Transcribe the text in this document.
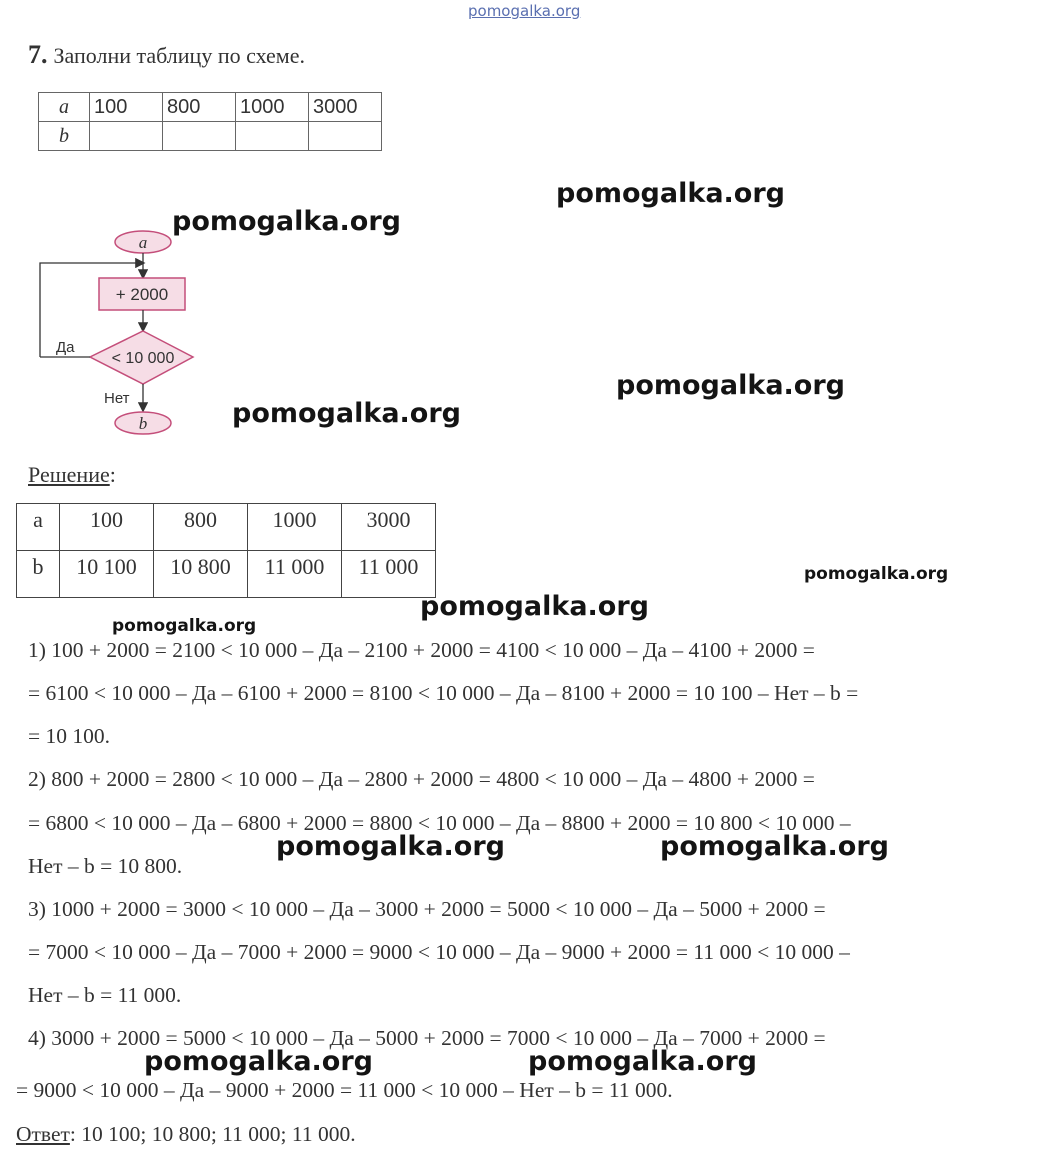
pomogalka.org
7. Заполни таблицу по схеме.
a	100	800	1000	3000
b				
a
+ 2000
< 10 000
Да
Нет
b
Решение:
a	100	800	1000	3000
b	10 100	10 800	11 000	11 000
1) 100 + 2000 = 2100 < 10 000 – Да – 2100 + 2000 = 4100 < 10 000 – Да – 4100 + 2000 =
= 6100 < 10 000 – Да – 6100 + 2000 = 8100 < 10 000 – Да – 8100 + 2000 = 10 100 – Нет – b =
= 10 100.
2) 800 + 2000 = 2800 < 10 000 – Да – 2800 + 2000 = 4800 < 10 000 – Да – 4800 + 2000 =
= 6800 < 10 000 – Да – 6800 + 2000 = 8800 < 10 000 – Да – 8800 + 2000 = 10 800 < 10 000 –
Нет – b = 10 800.
3) 1000 + 2000 = 3000 < 10 000 – Да – 3000 + 2000 = 5000 < 10 000 – Да – 5000 + 2000 =
= 7000 < 10 000 – Да – 7000 + 2000 = 9000 < 10 000 – Да – 9000 + 2000 = 11 000 < 10 000 –
Нет – b = 11 000.
4) 3000 + 2000 = 5000 < 10 000 – Да – 5000 + 2000 = 7000 < 10 000 – Да – 7000 + 2000 =
= 9000 < 10 000 – Да – 9000 + 2000 = 11 000 < 10 000 – Нет – b = 11 000.
Ответ: 10 100; 10 800; 11 000; 11 000.
pomogalka.org
pomogalka.org
pomogalka.org
pomogalka.org
pomogalka.org
pomogalka.org
pomogalka.org
pomogalka.org	pomogalka.org
pomogalka.org	pomogalka.org
